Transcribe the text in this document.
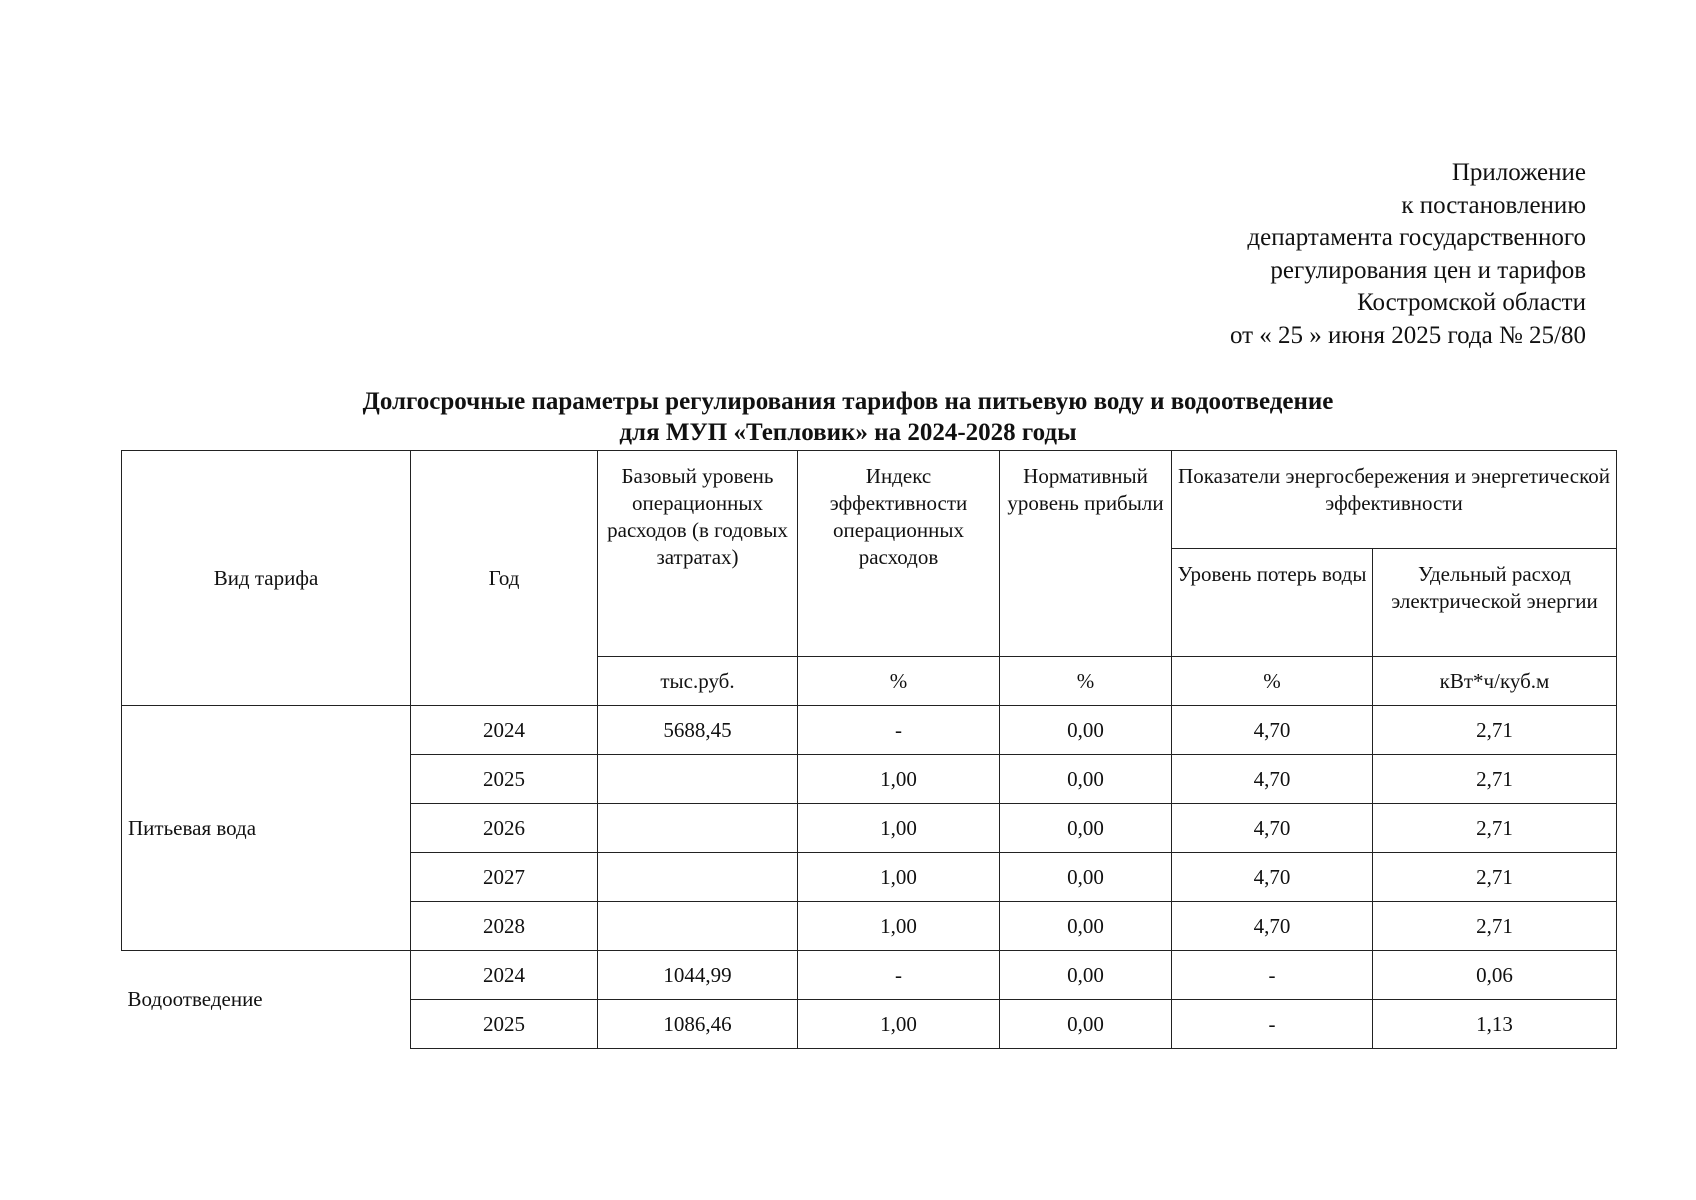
Приложение
к постановлению
департамента государственного
регулирования цен и тарифов
Костромской области
от « 25 » июня 2025 года № 25/80
Долгосрочные параметры регулирования тарифов на питьевую воду и водоотведение
для МУП «Тепловик» на 2024-2028 годы
Вид тарифа	Год	Базовый уровень операционных расходов (в годовых затратах)	Индекс эффективности операционных расходов	Нормативный уровень прибыли	Показатели энергосбережения и энергетической эффективности	
					Уровень потерь воды	Удельный расход электрической энергии
		тыс.руб.	%	%	%	кВт*ч/куб.м
Питьевая вода	2024	5688,45	-	0,00	4,70	2,71
	2025		1,00	0,00	4,70	2,71
	2026		1,00	0,00	4,70	2,71
	2027		1,00	0,00	4,70	2,71
	2028		1,00	0,00	4,70	2,71
Водоотведение	2024	1044,99	-	0,00	-	0,06
	2025	1086,46	1,00	0,00	-	1,13
